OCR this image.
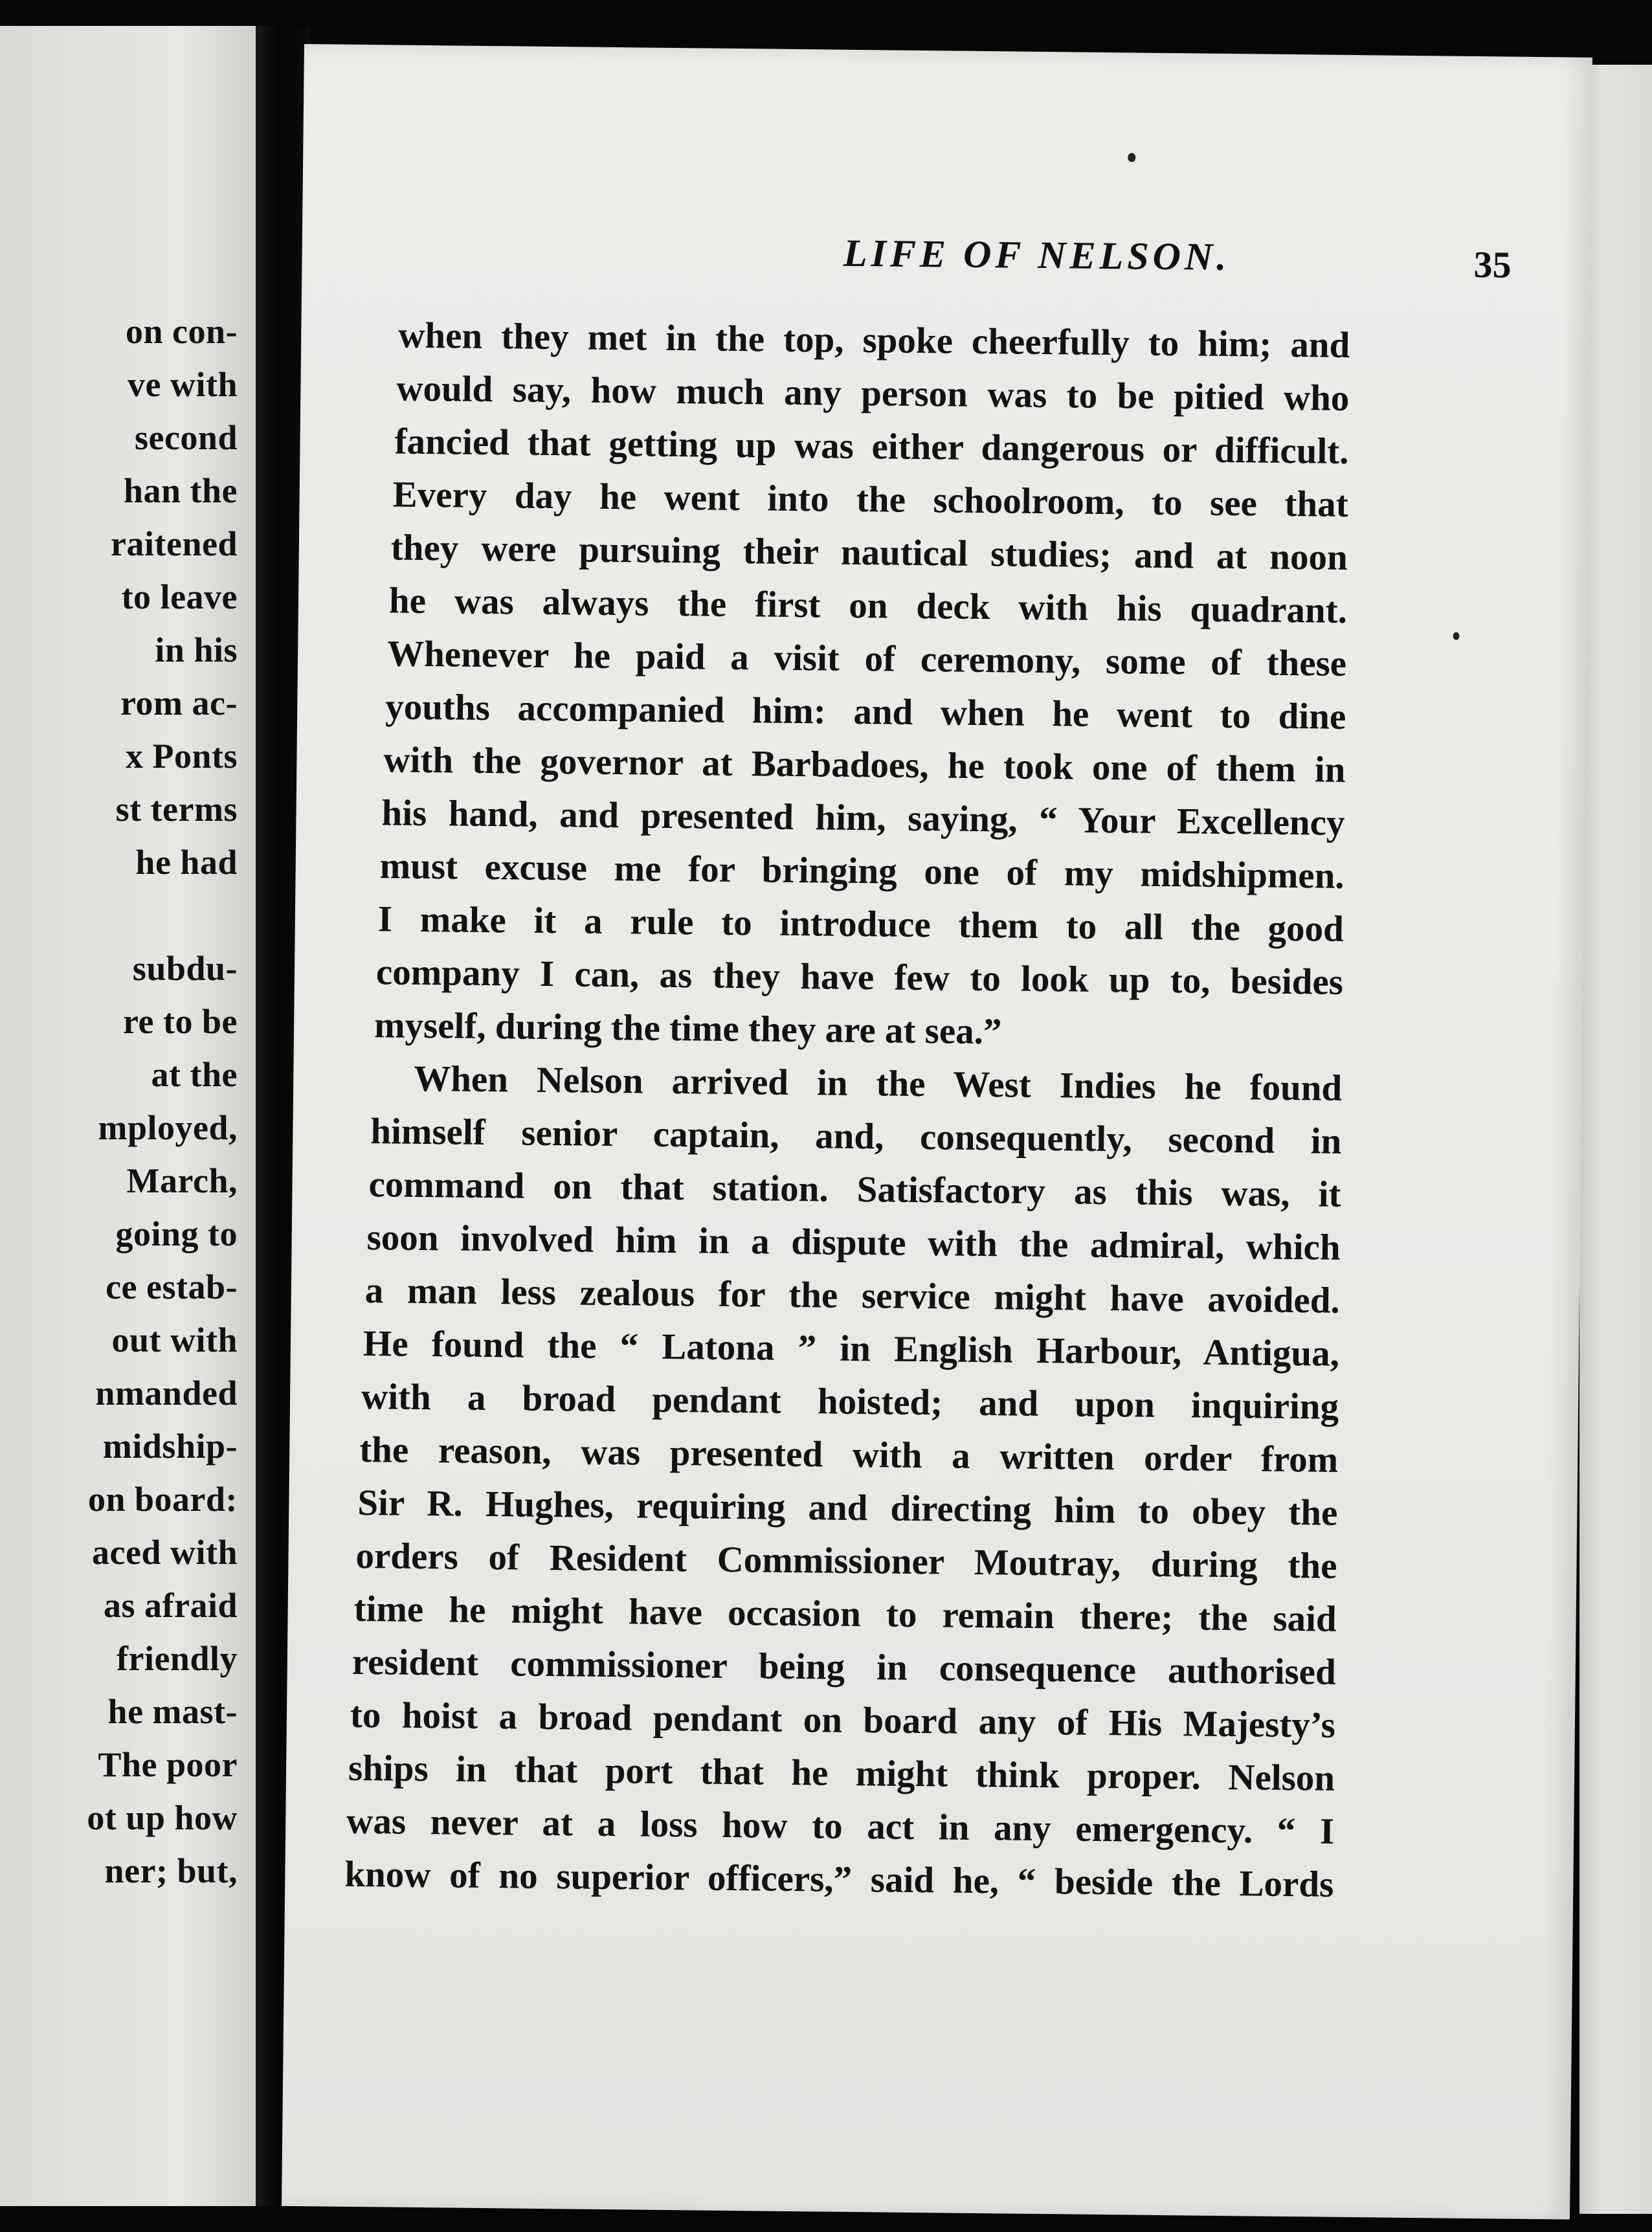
on con-
ve with
second
han the
raitened
to leave
in his
rom ac-
x Ponts
st terms
he had
subdu-
re to be
at the
mployed,
March,
going to
ce estab-
out with
nmanded
midship-
on board:
aced with
as afraid
friendly
he mast-
The poor
ot up how
ner; but,
LIFE OF NELSON.	35
when they met in the top, spoke cheerfully to him; and
would say, how much any person was to be pitied who
fancied that getting up was either dangerous or difficult.
Every day he went into the schoolroom, to see that
they were pursuing their nautical studies; and at noon
he was always the first on deck with his quadrant.
Whenever he paid a visit of ceremony, some of these
youths accompanied him: and when he went to dine
with the governor at Barbadoes, he took one of them in
his hand, and presented him, saying, “ Your Excellency
must excuse me for bringing one of my midshipmen.
I make it a rule to introduce them to all the good
company I can, as they have few to look up to, besides
myself, during the time they are at sea.”
When Nelson arrived in the West Indies he found
himself senior captain, and, consequently, second in
command on that station. Satisfactory as this was, it
soon involved him in a dispute with the admiral, which
a man less zealous for the service might have avoided.
He found the “ Latona ” in English Harbour, Antigua,
with a broad pendant hoisted; and upon inquiring
the reason, was presented with a written order from
Sir R. Hughes, requiring and directing him to obey the
orders of Resident Commissioner Moutray, during the
time he might have occasion to remain there; the said
resident commissioner being in consequence authorised
to hoist a broad pendant on board any of His Majesty’s
ships in that port that he might think proper. Nelson
was never at a loss how to act in any emergency. “ I
know of no superior officers,” said he, “ beside the Lords
